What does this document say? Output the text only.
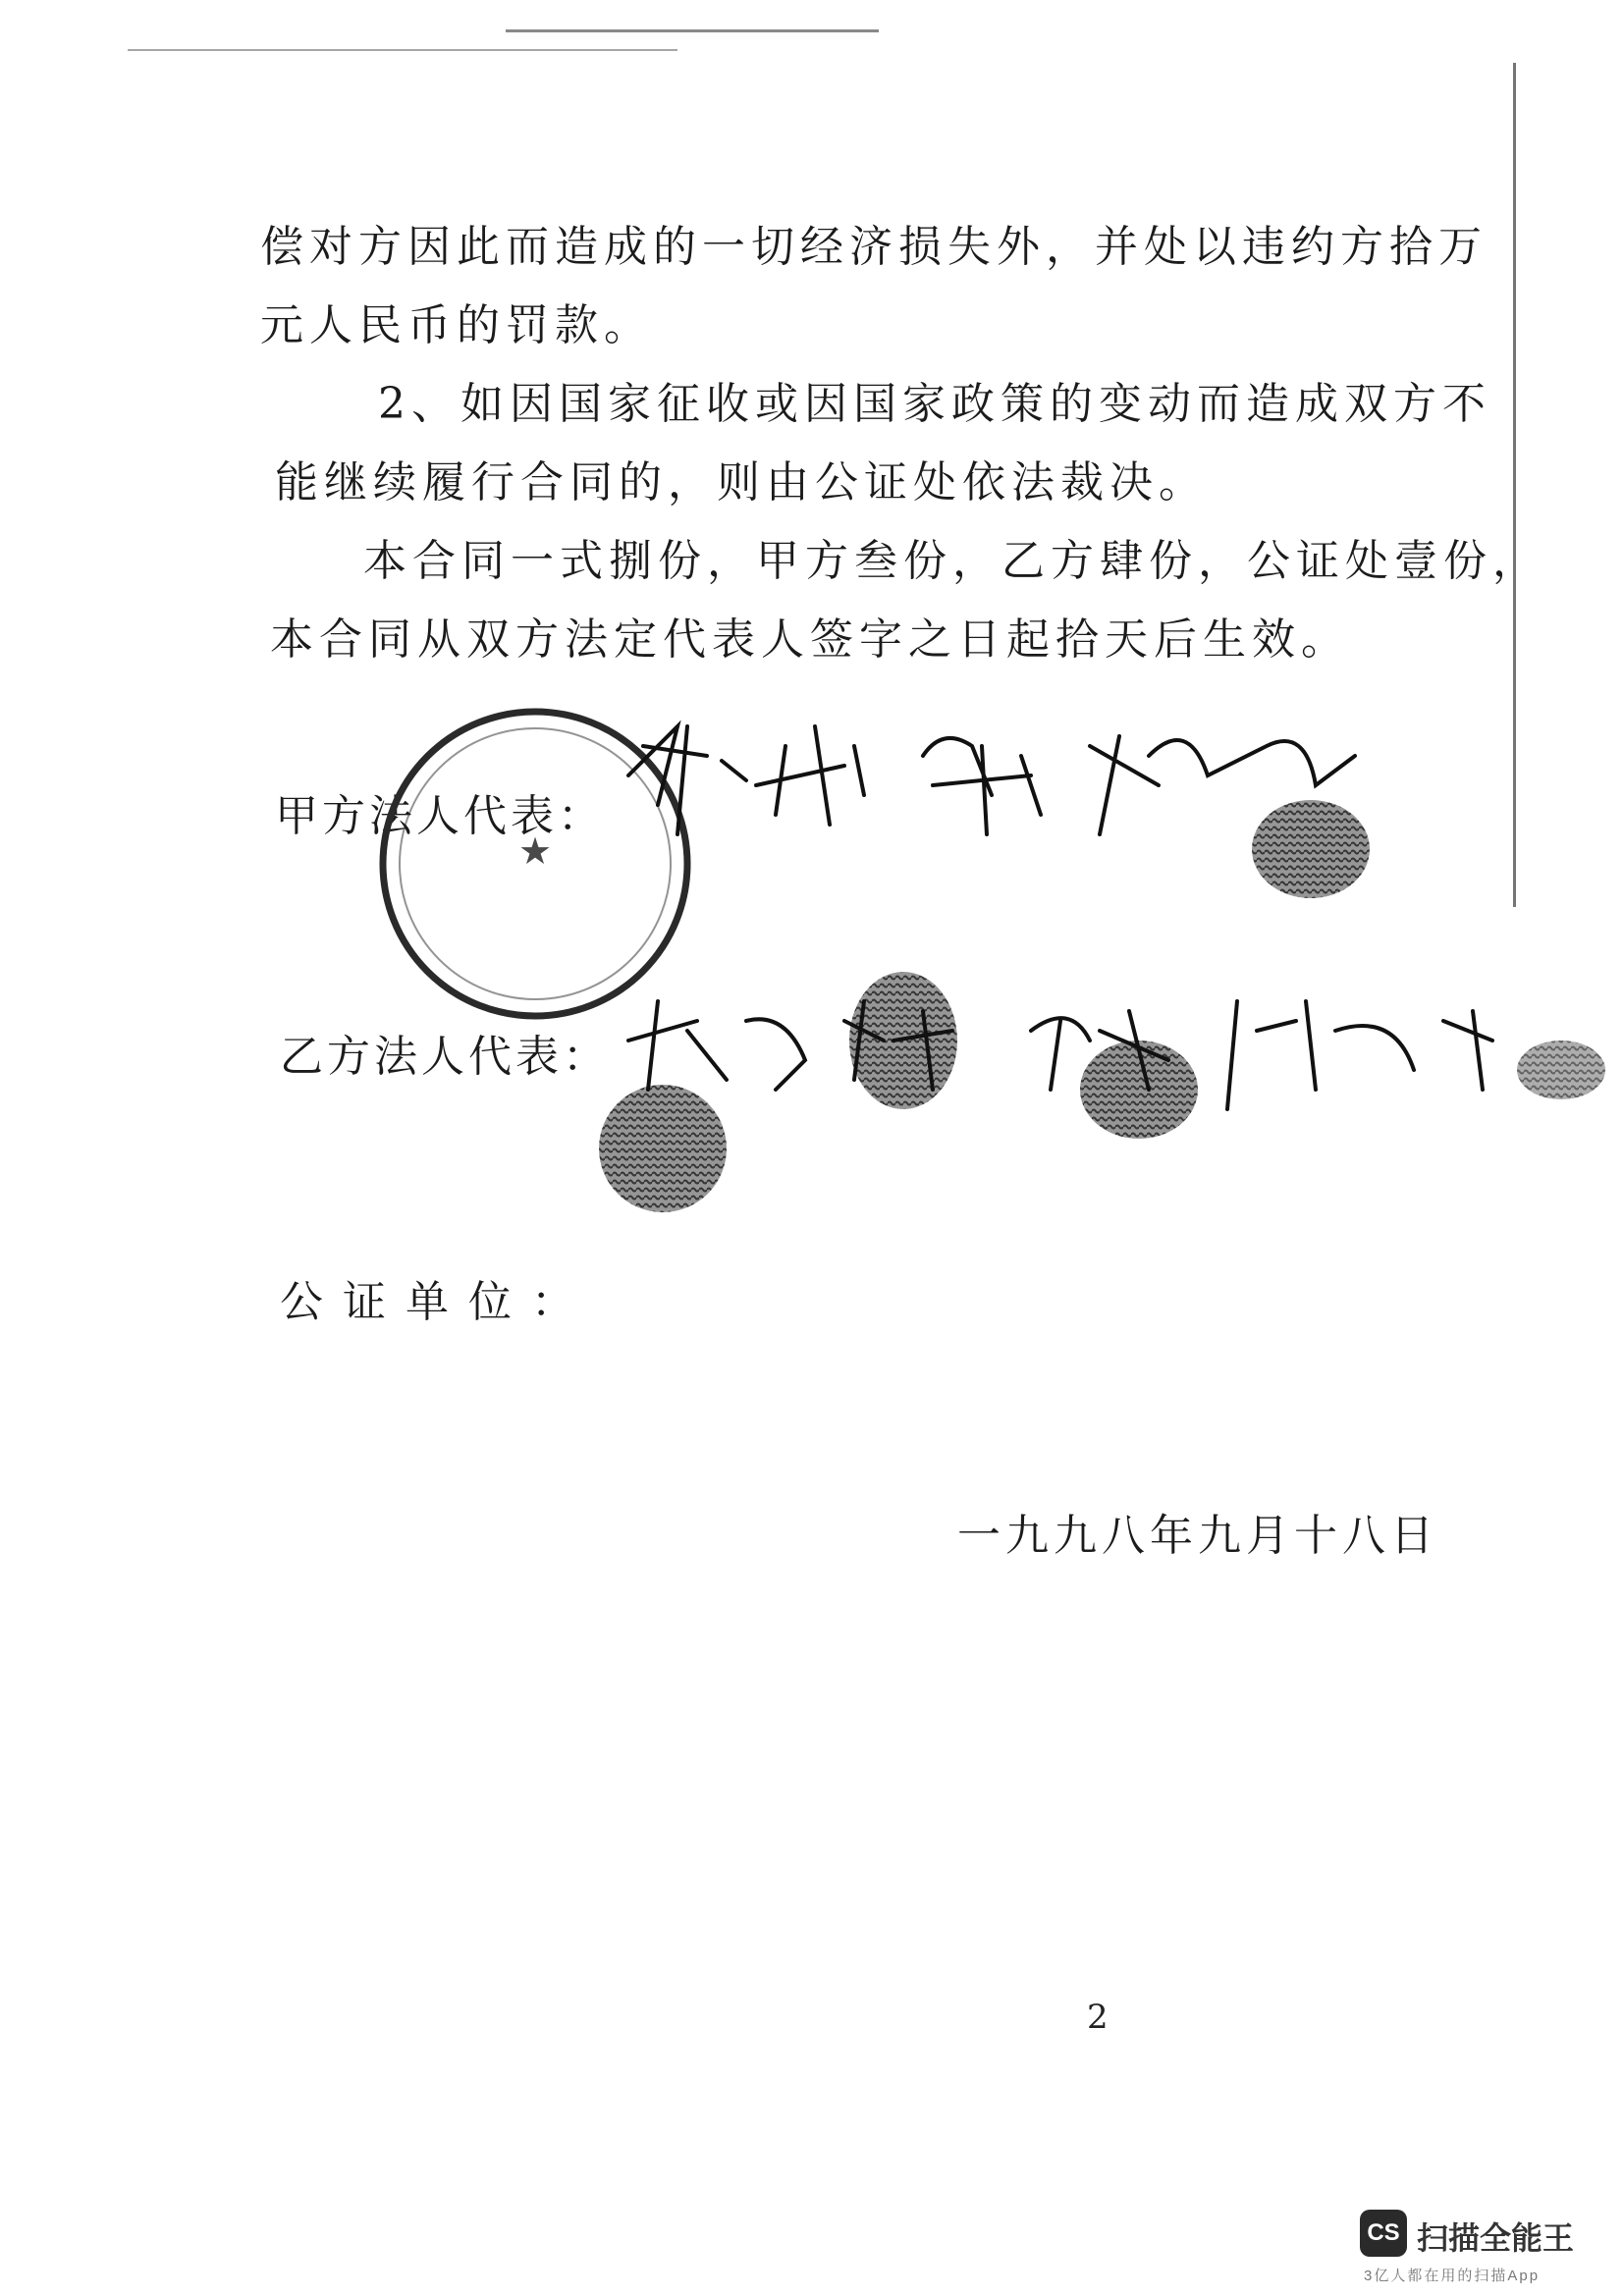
偿对方因此而造成的一切经济损失外，并处以违约方拾万
元人民币的罚款。
2、如因国家征收或因国家政策的变动而造成双方不
能继续履行合同的，则由公证处依法裁决。
本合同一式捌份，甲方叁份，乙方肆份，公证处壹份，
本合同从双方法定代表人签字之日起拾天后生效。
甲方法人代表：
乙方法人代表：
公证单位：
一九九八年九月十八日
2
★
CS 扫描全能王
3亿人都在用的扫描App
